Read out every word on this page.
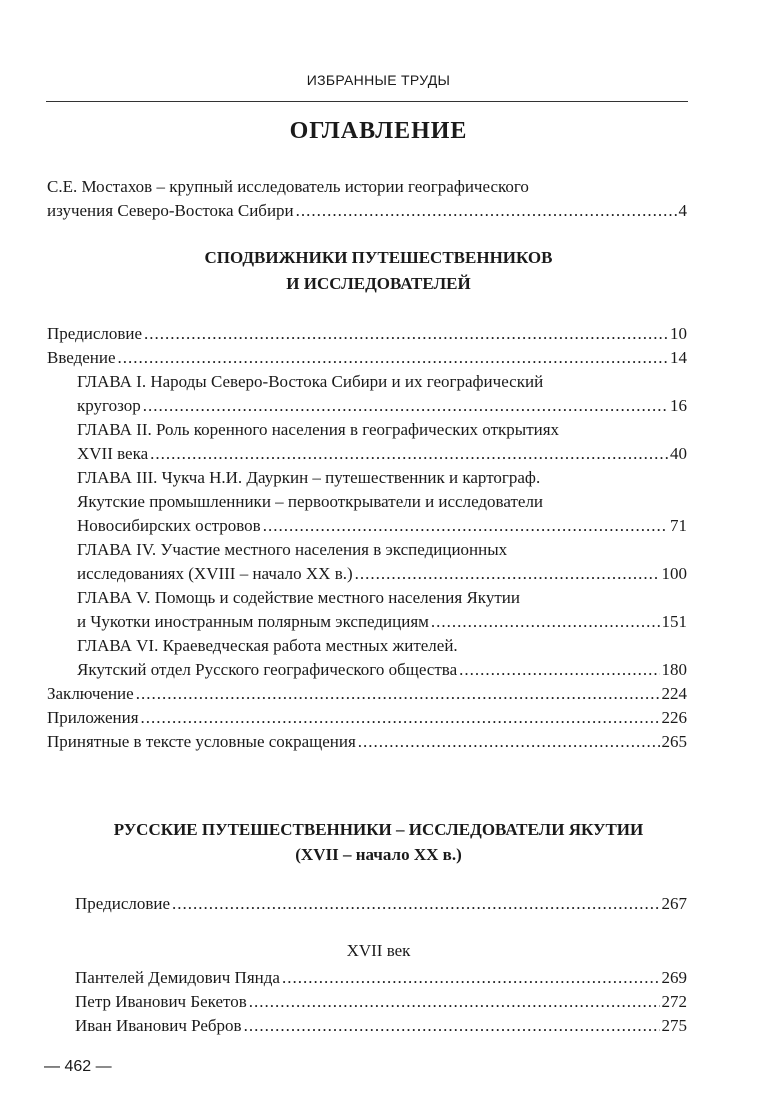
ИЗБРАННЫЕ ТРУДЫ
ОГЛАВЛЕНИЕ
С.Е. Мостахов – крупный исследователь истории географического
изучения Северо-Востока Сибири .....	4
СПОДВИЖНИКИ ПУТЕШЕСТВЕННИКОВ
И ИССЛЕДОВАТЕЛЕЙ
Предисловие .....	10
Введение .....	14
ГЛАВА I. Народы Северо-Востока Сибири и их географический
кругозор .....	16
ГЛАВА II. Роль коренного населения в географических открытиях
XVII века .....	40
ГЛАВА III. Чукча Н.И. Дауркин – путешественник и картограф.
Якутские промышленники – первооткрыватели и исследователи
Новосибирских островов .....	71
ГЛАВА IV. Участие местного населения в экспедиционных
исследованиях (XVIII – начало XX в.) .....	100
ГЛАВА V. Помощь и содействие местного населения Якутии
и Чукотки иностранным полярным экспедициям .....	151
ГЛАВА VI. Краеведческая работа местных жителей.
Якутский отдел Русского географического общества .....	180
Заключение .....	224
Приложения .....	226
Принятные в тексте условные сокращения .....	265
РУССКИЕ ПУТЕШЕСТВЕННИКИ – ИССЛЕДОВАТЕЛИ ЯКУТИИ
(XVII – начало XX в.)
Предисловие .....	267
XVII век
Пантелей Демидович Пянда .....	269
Петр Иванович Бекетов .....	272
Иван Иванович Ребров .....	275
— 462 —
